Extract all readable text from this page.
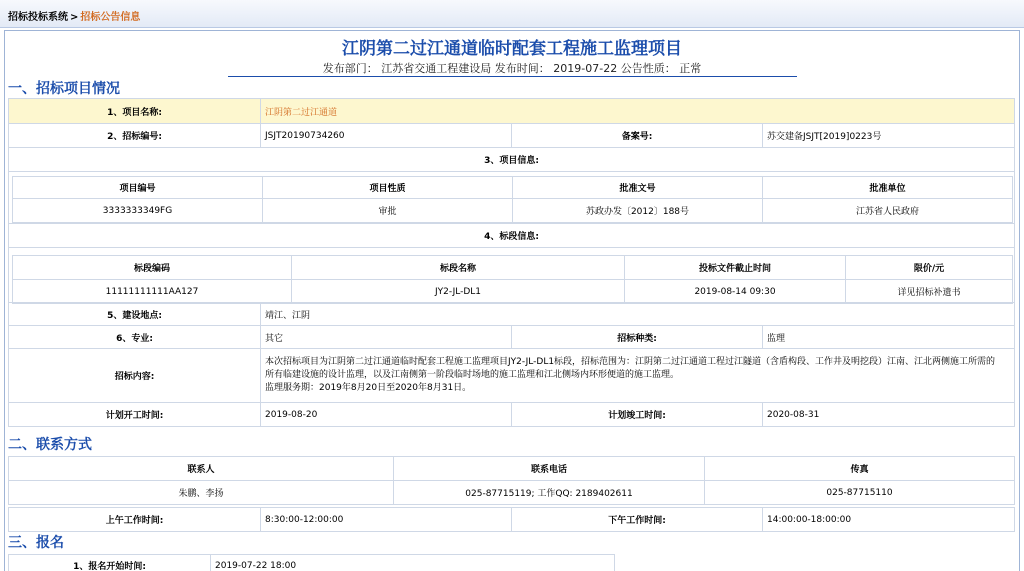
招标投标系统 > 招标公告信息
江阴第二过江通道临时配套工程施工监理项目
发布部门： 江苏省交通工程建设局 发布时间： 2019-07-22 公告性质： 正常
一、招标项目情况
1、项目名称:	江阴第二过江通道		
2、招标编号:	JSJT20190734260	备案号:	苏交建备JSJT[2019]0223号
3、项目信息:			

4、标段信息:			

5、建设地点:	靖江、江阴		
6、专业:	其它	招标种类:	监理
招标内容:	本次招标项目为江阴第二过江通道临时配套工程施工监理项目JY2-JL-DL1标段，招标范围为：江阴第二过江通道工程过江隧道（含盾构段、工作井及明挖段）江南、江北两侧施工所需的
所有临建设施的设计监理，以及江南侧第一阶段临时场地的施工监理和江北侧场内环形便道的施工监理。
监理服务期：2019年8月20日至2020年8月31日。		

计划开工时间:	2019-08-20	计划竣工时间:	2020-08-31
项目编号	项目性质	批准文号	批准单位
3333333349FG	审批	苏政办发〔2012〕188号	江苏省人民政府
标段编码	标段名称	投标文件截止时间	限价/元
11111111111AA127	JY2-JL-DL1	2019-08-14 09:30	详见招标补遗书
二、联系方式
联系人	联系电话	传真
朱鹏、李扬	025-87715119; 工作QQ: 2189402611	025-87715110
上午工作时间:	8:30:00-12:00:00	下午工作时间:	14:00:00-18:00:00
三、报名
1、报名开始时间:	2019-07-22 18:00
